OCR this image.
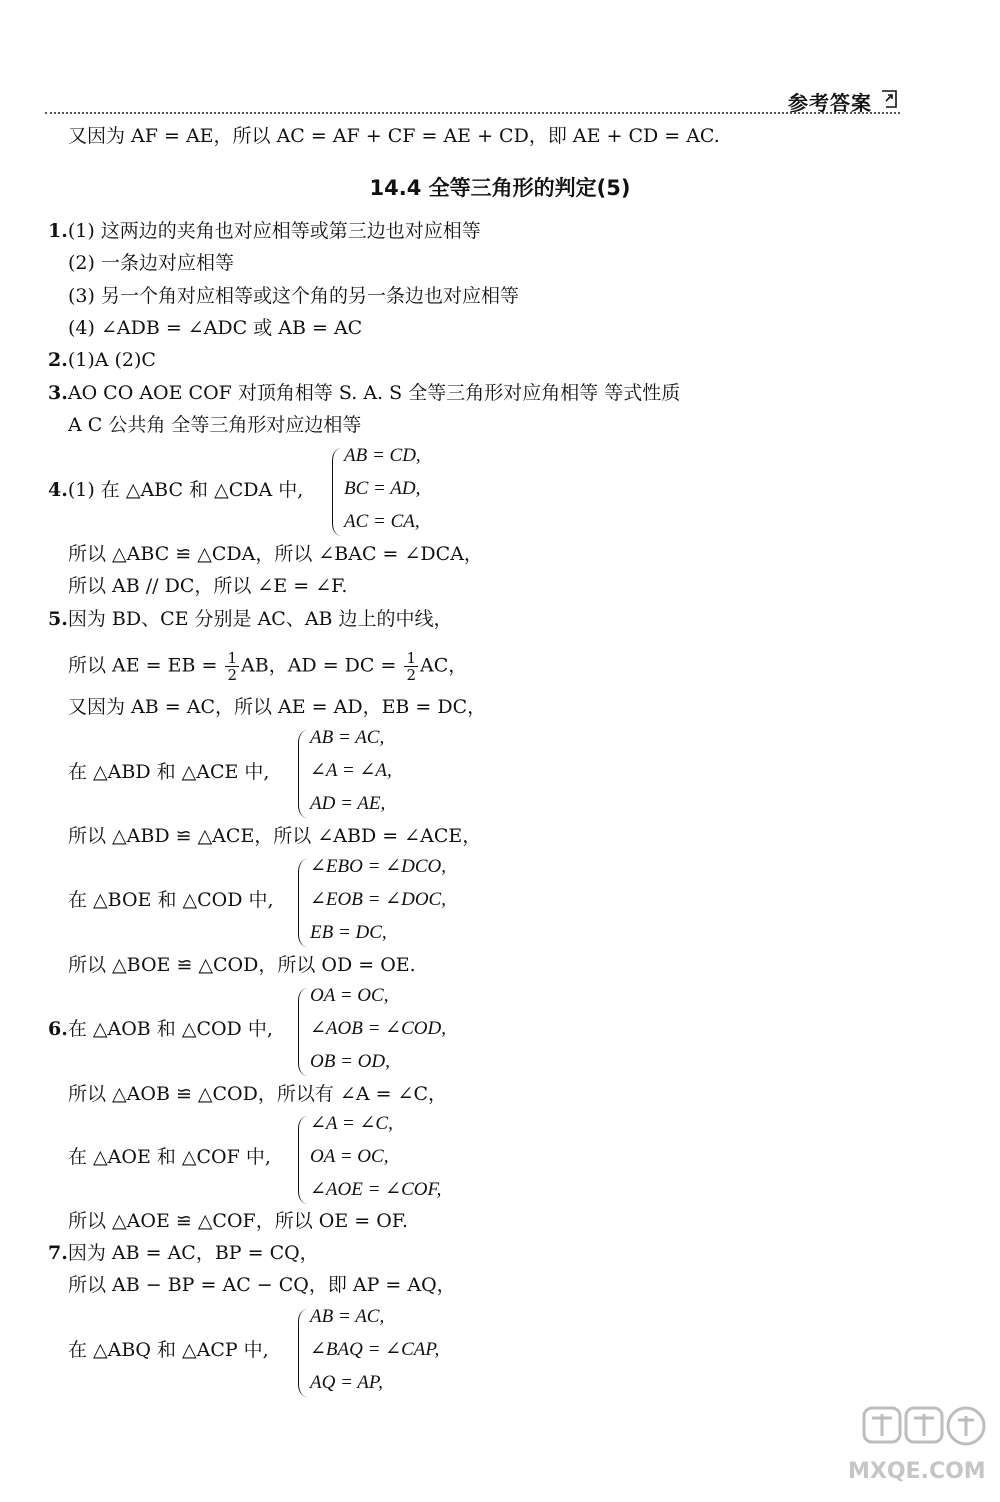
参考答案
又因为 AF = AE，所以 AC = AF + CF = AE + CD，即 AE + CD = AC.
14.4 全等三角形的判定(5)
1.(1) 这两边的夹角也对应相等或第三边也对应相等
(2) 一条边对应相等
(3) 另一个角对应相等或这个角的另一条边也对应相等
(4) ∠ADB = ∠ADC 或 AB = AC
2.(1)A (2)C
3.AO CO AOE COF 对顶角相等 S. A. S 全等三角形对应角相等 等式性质
A C 公共角 全等三角形对应边相等
4.(1) 在 △ABC 和 △CDA 中,
AB = CD,
BC = AD,
AC = CA,
所以 △ABC ≌ △CDA，所以 ∠BAC = ∠DCA，
所以 AB // DC，所以 ∠E = ∠F.
5.因为 BD、CE 分别是 AC、AB 边上的中线，
所以 AE = EB = $\frac{1}{2}$ AB，AD = DC = $\frac{1}{2}$ AC，
又因为 AB = AC，所以 AE = AD，EB = DC，
在 △ABD 和 △ACE 中,
AB = AC,
∠A = ∠A,
AD = AE,
所以 △ABD ≌ △ACE，所以 ∠ABD = ∠ACE，
在 △BOE 和 △COD 中,
∠EBO = ∠DCO,
∠EOB = ∠DOC,
EB = DC,
所以 △BOE ≌ △COD，所以 OD = OE.
6.在 △AOB 和 △COD 中,
OA = OC,
∠AOB = ∠COD,
OB = OD,
所以 △AOB ≌ △COD，所以有 ∠A = ∠C，
在 △AOE 和 △COF 中,
∠A = ∠C,
OA = OC,
∠AOE = ∠COF,
所以 △AOE ≌ △COF，所以 OE = OF.
7.因为 AB = AC，BP = CQ，
所以 AB − BP = AC − CQ，即 AP = AQ，
在 △ABQ 和 △ACP 中,
AB = AC,
∠BAQ = ∠CAP,
AQ = AP,
MXQE.COM
